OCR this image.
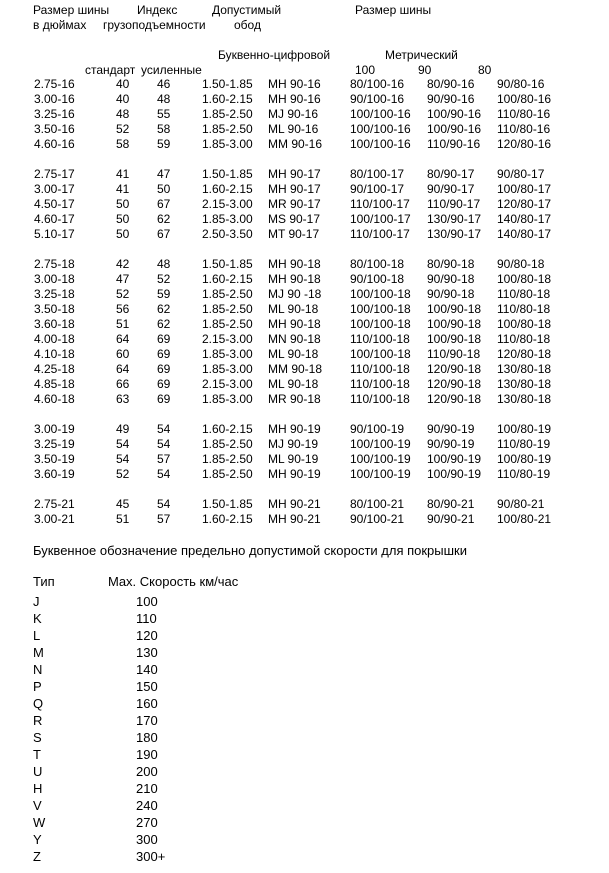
Размер шины
в дюймах
Индекс
грузоподъемности
Допустимый
обод
Размер шины
Буквенно-цифровой	Метрический
стандарт усиленные	100	90	80
2.75-16	40 46	1.50-1.85 MH 90-16 80/100-16 80/90-16 90/80-16
3.00-16	40 48	1.60-2.15 MH 90-16 90/100-16 90/90-16 100/80-16
3.25-16	48 55	1.85-2.50 MJ 90-16	100/100-16 100/90-16 110/80-16
3.50-16	52 58	1.85-2.50 ML 90-16	100/100-16 100/90-16 110/80-16
4.60-16	58 59	1.85-3.00 MM 90-16 100/100-16 110/90-16 120/80-16
2.75-17	41 47	1.50-1.85 MH 90-17 80/100-17 80/90-17 90/80-17
3.00-17	41 50	1.60-2.15 MH 90-17 90/100-17 90/90-17 100/80-17
4.50-17	50 67	2.15-3.00 MR 90-17 110/100-17 110/90-17 120/80-17
4.60-17	50 62	1.85-3.00 MS 90-17 100/100-17 130/90-17 140/80-17
5.10-17	50 67	2.50-3.50 MT 90-17	110/100-17 130/90-17 140/80-17
2.75-18	42 48	1.50-1.85 MH 90-18 80/100-18 80/90-18 90/80-18
3.00-18	47 52	1.60-2.15 MH 90-18 90/100-18 90/90-18 100/80-18
3.25-18	52 59	1.85-2.50 MJ 90 -18 100/100-18 90/90-18 110/80-18
3.50-18	56 62	1.85-2.50 ML 90-18	100/100-18 100/90-18 110/80-18
3.60-18	51 62	1.85-2.50 MH 90-18 100/100-18 100/90-18 100/80-18
4.00-18	64 69	2.15-3.00 MN 90-18 110/100-18 100/90-18 110/80-18
4.10-18	60 69	1.85-3.00 ML 90-18	100/100-18 110/90-18 120/80-18
4.25-18	64 69	1.85-3.00 MM 90-18 110/100-18 120/90-18 130/80-18
4.85-18	66 69	2.15-3.00 ML 90-18	110/100-18 120/90-18 130/80-18
4.60-18	63 69	1.85-3.00 MR 90-18 110/100-18 120/90-18 130/80-18
3.00-19	49 54	1.60-2.15 MH 90-19 90/100-19 90/90-19 100/80-19
3.25-19	54 54	1.85-2.50 MJ 90-19	100/100-19 90/90-19 110/80-19
3.50-19	54 57	1.85-2.50 ML 90-19	100/100-19 100/90-19 100/80-19
3.60-19	52 54	1.85-2.50 MH 90-19 100/100-19 100/90-19 110/80-19
2.75-21	45 54	1.50-1.85 MH 90-21 80/100-21 80/90-21 90/80-21
3.00-21	51 57	1.60-2.15 MH 90-21 90/100-21 90/90-21 100/80-21
Буквенное обозначение предельно допустимой скорости для покрышки
Тип	Max. Скорость км/час
J	100
K	110
L	120
M	130
N	140
P	150
Q	160
R	170
S	180
T	190
U	200
H	210
V	240
W	270
Y	300
Z	300+
